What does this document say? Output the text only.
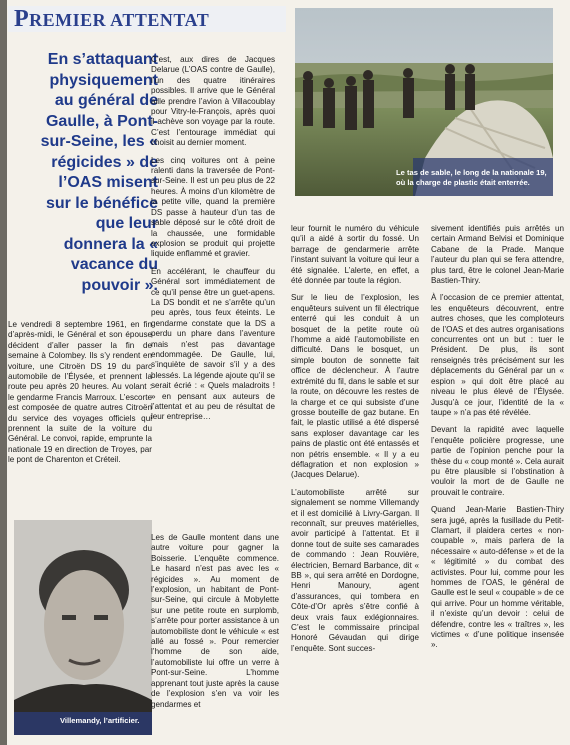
PREMIER ATTENTAT
En s’attaquant physiquement au général de Gaulle, à Pont-sur-Seine, les « régicides » de l’OAS misent sur le bénéfice que leur donnera la « vacance du pouvoir ».
Le tas de sable, le long de la nationale 19, où la charge de plastic était enterrée.
Villemandy, l’artificier.

Le vendredi 8 septembre 1961, en fin d’après-midi, le Général et son épouse décident d’aller passer la fin de semaine à Colombey. Ils s’y rendent en voiture, une Citroën DS 19 du parc automobile de l’Élysée, et prennent la route peu après 20 heures. Au volant : le gendarme Francis Marroux. L’escorte est composée de quatre autres Citroën du service des voyages officiels qui prennent la suite de la voiture du Général. Le convoi, rapide, emprunte la nationale 19 en direction de Troyes, par le pont de Charenton et Créteil.

C’est, aux dires de Jacques Delarue (L’OAS contre de Gaulle), l’un des quatre itinéraires possibles. Il arrive que le Général aille prendre l’avion à Villacoublay pour Vitry-le-François, après quoi il achève son voyage par la route. C’est l’entourage immédiat qui choisit au dernier moment.

Les cinq voitures ont à peine ralenti dans la traversée de Pont-sur-Seine. Il est un peu plus de 22 heures. À moins d’un kilomètre de la petite ville, quand la première DS passe à hauteur d’un tas de sable déposé sur le côté droit de la chaussée, une formidable explosion se produit qui projette liquide enflammé et gravier.

En accélérant, le chauffeur du Général sort immédiatement de ce qu’il pense être un guet-apens. La DS bondit et ne s’arrête qu’un peu après, tous feux éteints. Le gendarme constate que la DS a perdu un phare dans l’aventure mais n’est pas davantage endommagée. De Gaulle, lui, s’inquiète de savoir s’il y a des blessés. La légende ajoute qu’il se serait écrié : « Quels maladroits ! » en pensant aux auteurs de l’attentat et au peu de résultat de leur entreprise…

Les de Gaulle montent dans une autre voiture pour gagner la Boisserie. L’enquête commence. Le hasard n’est pas avec les « régicides ». Au moment de l’explosion, un habitant de Pont-sur-Seine, qui circule à Mobylette sur une petite route en surplomb, s’arrête pour porter assistance à un automobiliste dont le véhicule « est allé au fossé ». Pour remercier l’homme de son aide, l’automobiliste lui offre un verre à Pont-sur-Seine. L’homme apprenant tout juste après la cause de l’explosion s’en va voir les gendarmes et

leur fournit le numéro du véhicule qu’il a aidé à sortir du fossé. Un barrage de gendarmerie arrête l’instant suivant la voiture qui leur a été signalée. L’alerte, en effet, a été donnée par toute la région.

Sur le lieu de l’explosion, les enquêteurs suivent un fil électrique enterré qui les conduit à un bosquet de la petite route où l’homme a aidé l’automobiliste en difficulté. Dans le bosquet, un simple bouton de sonnette fait office de déclencheur. À l’autre extrémité du fil, dans le sable et sur la route, on découvre les restes de la charge et ce qui subsiste d’une grosse bouteille de gaz butane. En fait, le plastic utilisé a été dispersé sans exploser davantage car les pains de plastic ont été entassés et non pétris ensemble. « Il y a eu déflagration et non explosion » (Jacques Delarue).

L’automobiliste arrêté sur signalement se nomme Villemandy et il est domicilié à Livry-Gargan. Il reconnaît, sur preuves matérielles, avoir participé à l’attentat. Et il donne tout de suite ses camarades de commando : Jean Rouvière, électricien, Bernard Barbance, dit « BB », qui sera arrêté en Dordogne, Henri Manoury, agent d’assurances, qui tombera en Côte-d’Or après s’être confié à deux vrais faux exlégionnaires. C’est le commissaire principal Honoré Gévaudan qui dirige l’enquête. Sont succes-

sivement identifiés puis arrêtés un certain Armand Belvisi et Dominique Cabane de la Prade. Manque l’auteur du plan qui se fera attendre, plus tard, être le colonel Jean-Marie Bastien-Thiry.

À l’occasion de ce premier attentat, les enquêteurs découvrent, entre autres choses, que les comploteurs de l’OAS et des autres organisations concurrentes ont un but : tuer le Président. De plus, ils sont renseignés très précisément sur les déplacements du Général par un « espion » qui doit être placé au niveau le plus élevé de l’Élysée. Jusqu’à ce jour, l’identité de la « taupe » n’a pas été révélée.

Devant la rapidité avec laquelle l’enquête policière progresse, une partie de l’opinion penche pour la thèse du « coup monté ». Cela aurait pu être plausible si l’obstination à vouloir la mort de de Gaulle ne prouvait le contraire.

Quand Jean-Marie Bastien-Thiry sera jugé, après la fusillade du Petit-Clamart, il plaidera certes « non-coupable », mais parlera de la nécessaire « auto-défense » et de la « légitimité » du combat des activistes. Pour lui, comme pour les hommes de l’OAS, le général de Gaulle est le seul « coupable » de ce qui arrive. Pour un homme véritable, il n’existe qu’un devoir : celui de défendre, contre les « traîtres », les victimes « d’une politique insensée ».
